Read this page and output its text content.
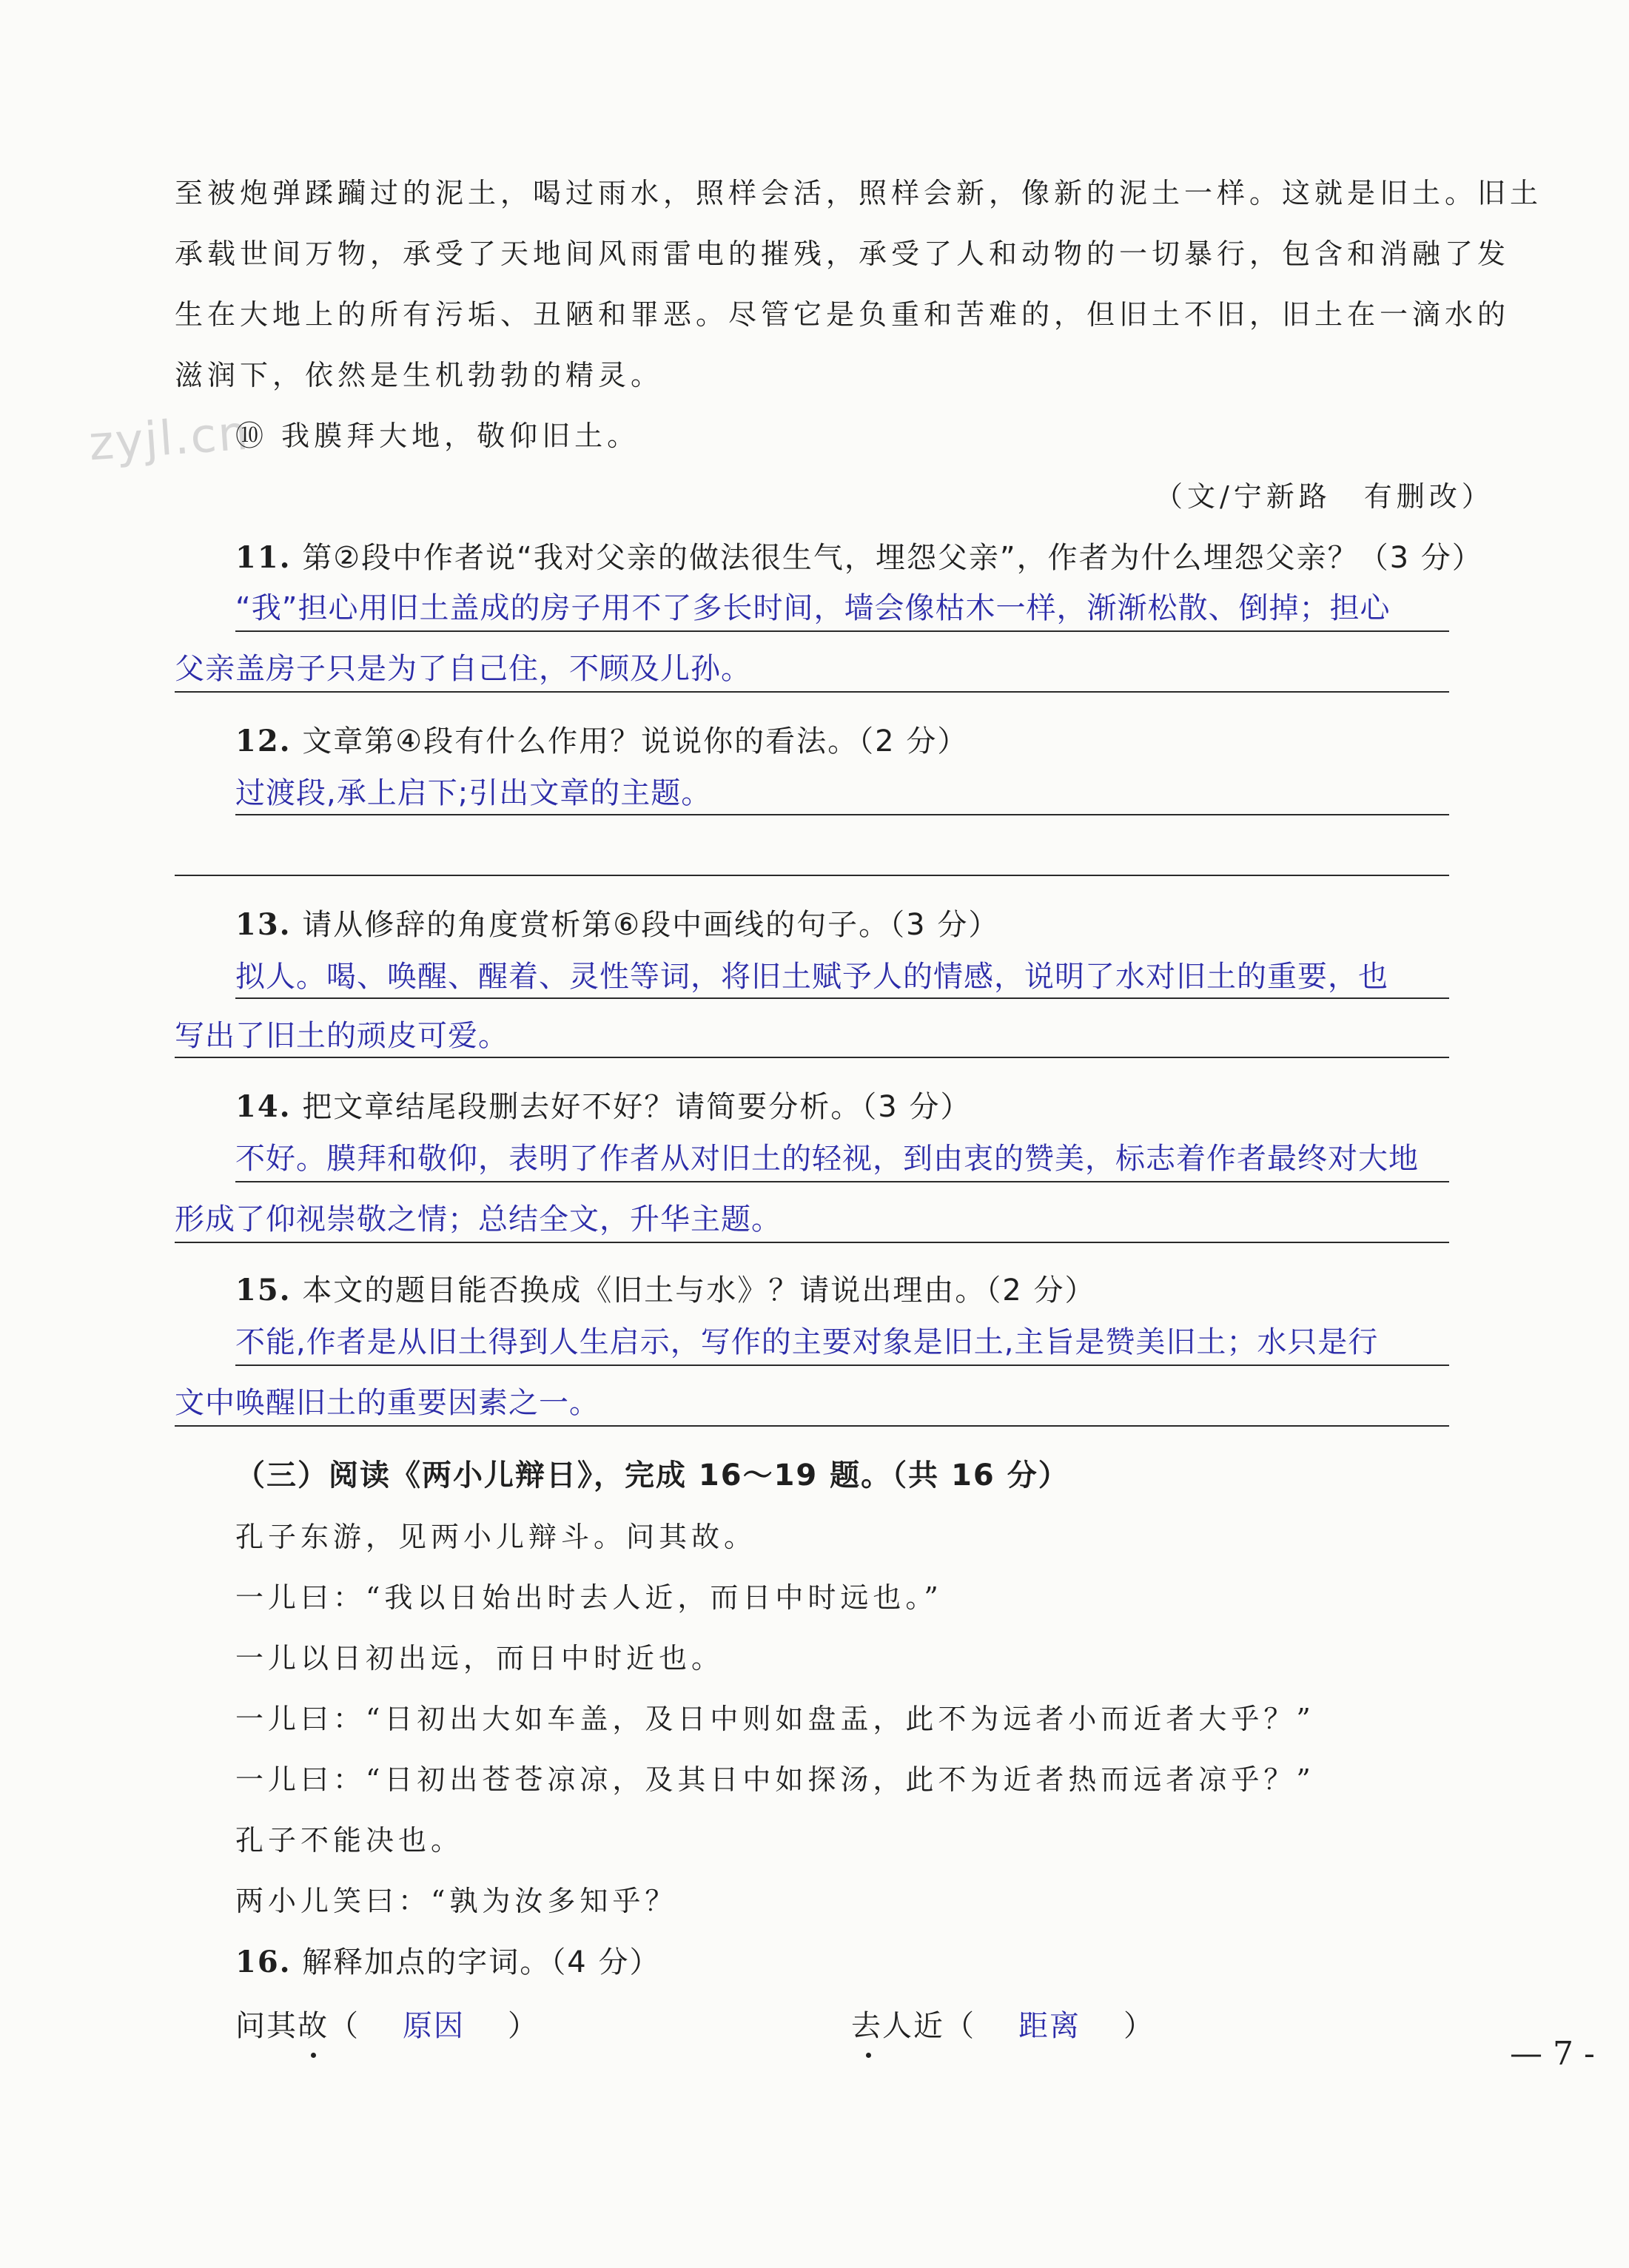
zyjl.cn
至被炮弹蹂躏过的泥土，喝过雨水，照样会活，照样会新，像新的泥土一样。这就是旧土。旧土
承载世间万物，承受了天地间风雨雷电的摧残，承受了人和动物的一切暴行，包含和消融了发
生在大地上的所有污垢、丑陋和罪恶。尽管它是负重和苦难的，但旧土不旧，旧土在一滴水的
滋润下，依然是生机勃勃的精灵。
⑩ 我膜拜大地，敬仰旧土。
（文/宁新路　有删改）
11. 第②段中作者说“我对父亲的做法很生气，埋怨父亲”，作者为什么埋怨父亲？（3 分）
“我”担心用旧土盖成的房子用不了多长时间，墙会像枯木一样，渐渐松散、倒掉；担心
父亲盖房子只是为了自己住，不顾及儿孙。
12. 文章第④段有什么作用？说说你的看法。（2 分）
过渡段,承上启下;引出文章的主题。
13. 请从修辞的角度赏析第⑥段中画线的句子。（3 分）
拟人。喝、唤醒、醒着、灵性等词，将旧土赋予人的情感，说明了水对旧土的重要，也
写出了旧土的顽皮可爱。
14. 把文章结尾段删去好不好？请简要分析。（3 分）
不好。膜拜和敬仰，表明了作者从对旧土的轻视，到由衷的赞美，标志着作者最终对大地
形成了仰视崇敬之情；总结全文，升华主题。
15. 本文的题目能否换成《旧土与水》？请说出理由。（2 分）
不能,作者是从旧土得到人生启示，写作的主要对象是旧土,主旨是赞美旧土；水只是行
文中唤醒旧土的重要因素之一。
（三）阅读《两小儿辩日》，完成 16～19 题。（共 16 分）
孔子东游，见两小儿辩斗。问其故。
一儿曰：“我以日始出时去人近，而日中时远也。”
一儿以日初出远，而日中时近也。
一儿曰：“日初出大如车盖，及日中则如盘盂，此不为远者小而近者大乎？”
一儿曰：“日初出苍苍凉凉，及其日中如探汤，此不为近者热而远者凉乎？”
孔子不能决也。
两小儿笑曰：“孰为汝多知乎？
16. 解释加点的字词。（4 分）
问其故（ 原因 ）	去人近（ 距离 ）
— 7 -
